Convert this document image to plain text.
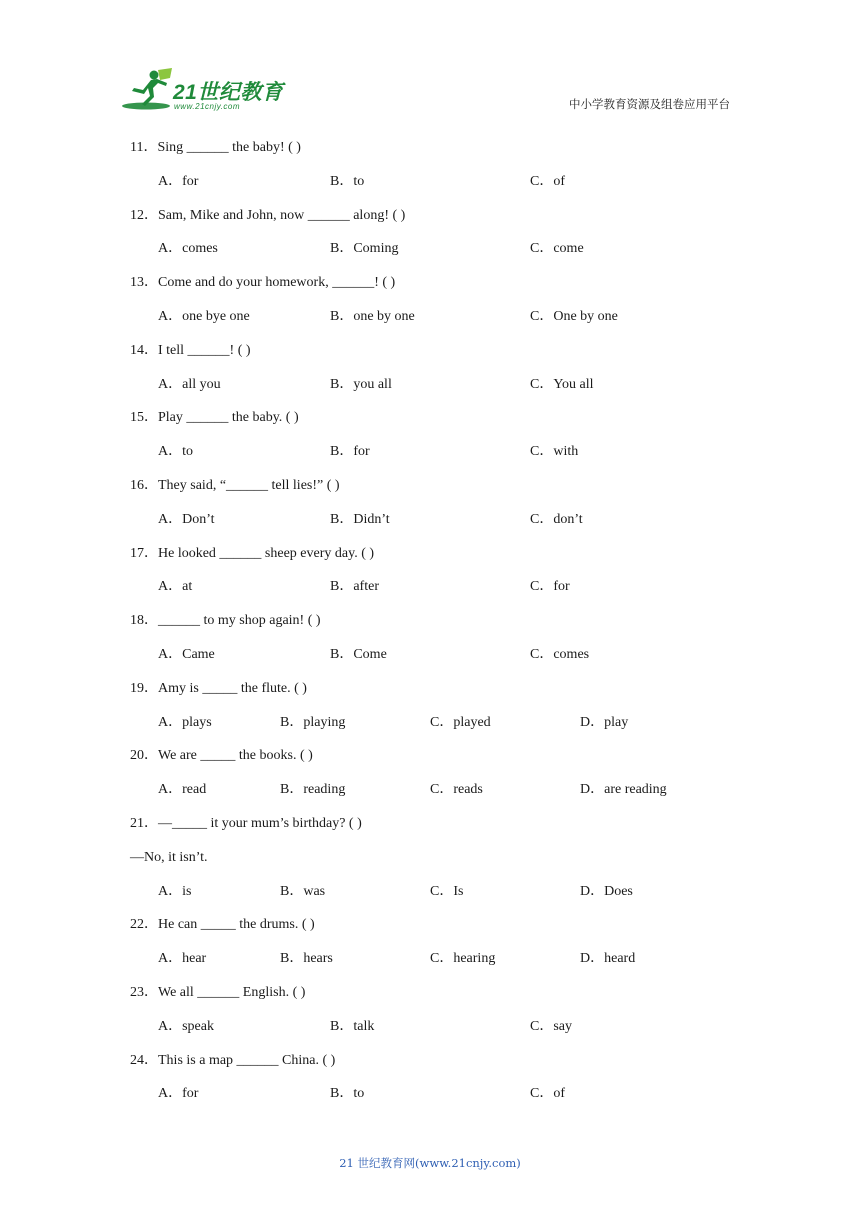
21世纪教育
www.21cnjy.com	中小学教育资源及组卷应用平台
11．Sing ______ the baby! ( )
A．for	B．to	C．of
12．Sam, Mike and John, now ______ along! ( )
A．comes	B．Coming	C．come
13．Come and do your homework, ______! ( )
A．one bye one	B．one by one	C．One by one
14．I tell ______! ( )
A．all you	B．you all	C．You all
15．Play ______ the baby. ( )
A．to	B．for	C．with
16．They said, “______ tell lies!” ( )
A．Don’t	B．Didn’t	C．don’t
17．He looked ______ sheep every day. ( )
A．at	B．after	C．for
18．______ to my shop again! ( )
A．Came	B．Come	C．comes
19．Amy is _____ the flute. ( )
A．plays	B．playing	C．played	D．play
20．We are _____ the books. ( )
A．read	B．reading	C．reads	D．are reading
21．—_____ it your mum’s birthday? ( )
—No, it isn’t.
A．is	B．was	C．Is	D．Does
22．He can _____ the drums. ( )
A．hear	B．hears	C．hearing	D．heard
23．We all ______ English. ( )
A．speak	B．talk	C．say
24．This is a map ______ China. ( )
A．for	B．to	C．of
21 世纪教育网(www.21cnjy.com)
